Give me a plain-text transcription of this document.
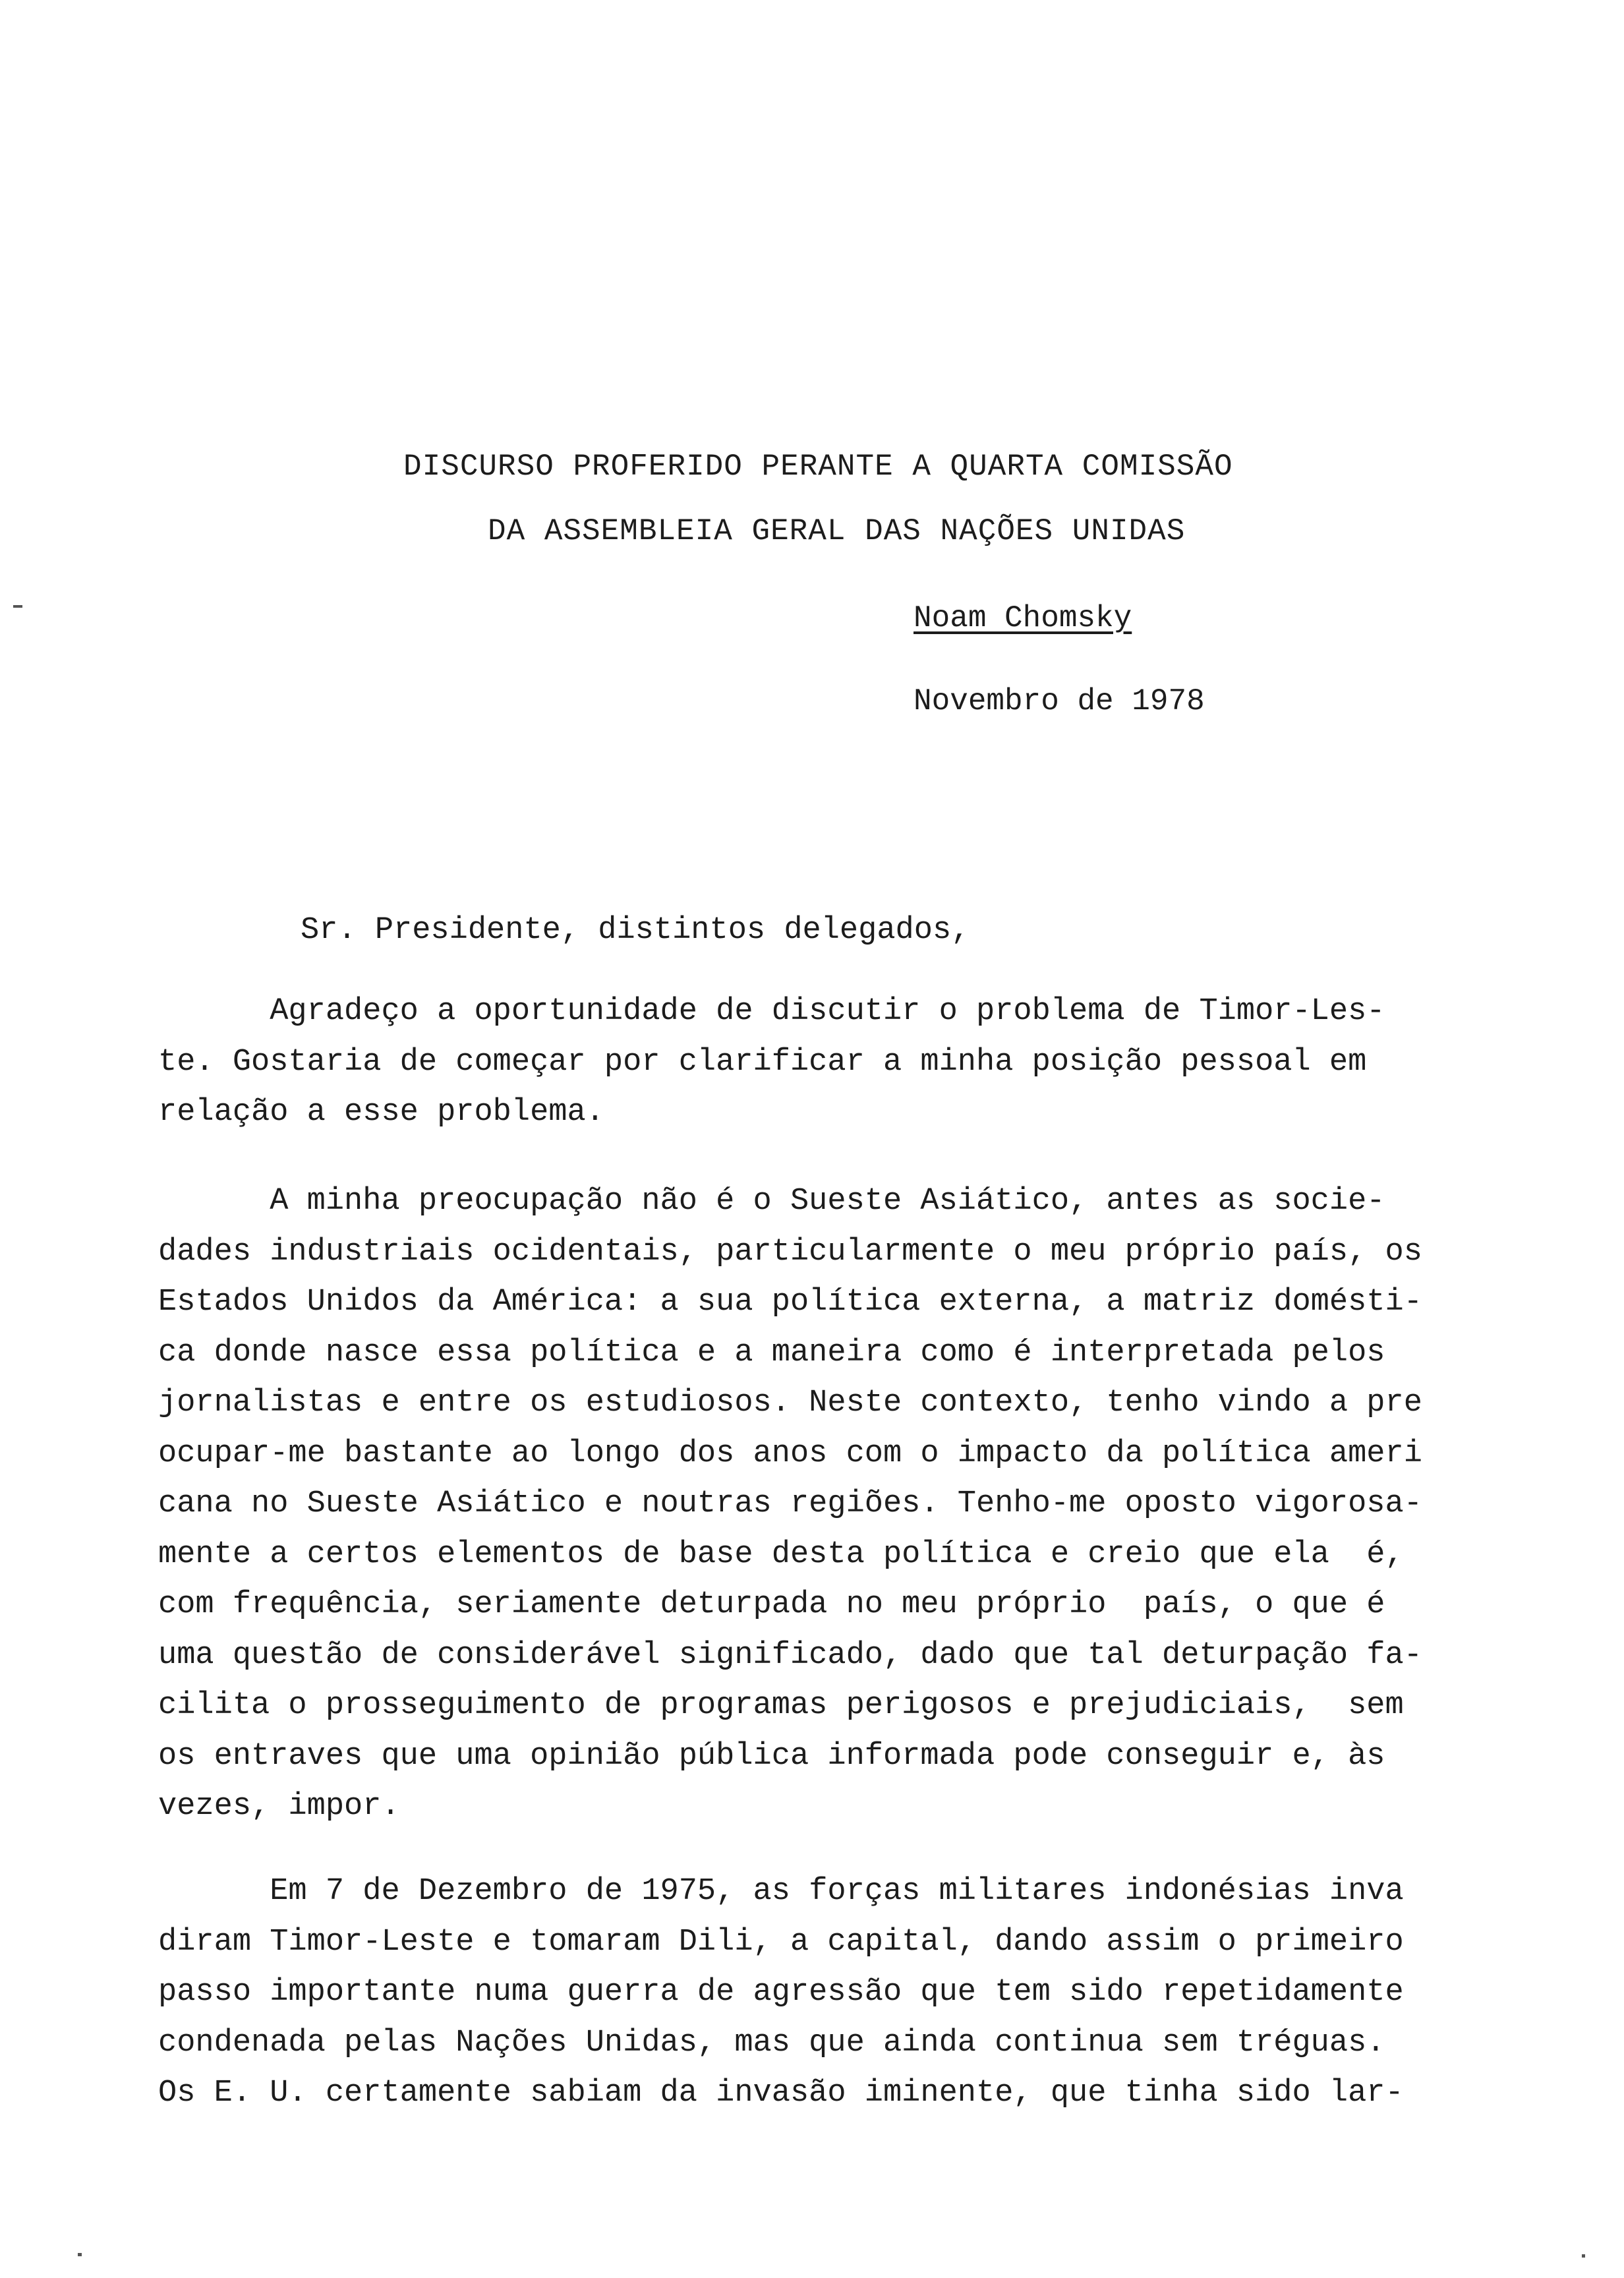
DISCURSO PROFERIDO PERANTE A QUARTA COMISSÃO
DA ASSEMBLEIA GERAL DAS NAÇÕES UNIDAS
Noam Chomsky
Novembro de 1978
Sr. Presidente, distintos delegados,
Agradeço a oportunidade de discutir o problema de Timor-Les-
te. Gostaria de começar por clarificar a minha posição pessoal em
relação a esse problema.
A minha preocupação não é o Sueste Asiático, antes as socie-
dades industriais ocidentais, particularmente o meu próprio país, os
Estados Unidos da América: a sua política externa, a matriz domésti-
ca donde nasce essa política e a maneira como é interpretada pelos
jornalistas e entre os estudiosos. Neste contexto, tenho vindo a pre
ocupar-me bastante ao longo dos anos com o impacto da política ameri
cana no Sueste Asiático e noutras regiões. Tenho-me oposto vigorosa-
mente a certos elementos de base desta política e creio que ela  é,
com frequência, seriamente deturpada no meu próprio  país, o que é
uma questão de considerável significado, dado que tal deturpação fa-
cilita o prosseguimento de programas perigosos e prejudiciais,  sem
os entraves que uma opinião pública informada pode conseguir e, às
vezes, impor.
Em 7 de Dezembro de 1975, as forças militares indonésias inva
diram Timor-Leste e tomaram Dili, a capital, dando assim o primeiro
passo importante numa guerra de agressão que tem sido repetidamente
condenada pelas Nações Unidas, mas que ainda continua sem tréguas.
Os E. U. certamente sabiam da invasão iminente, que tinha sido lar-
